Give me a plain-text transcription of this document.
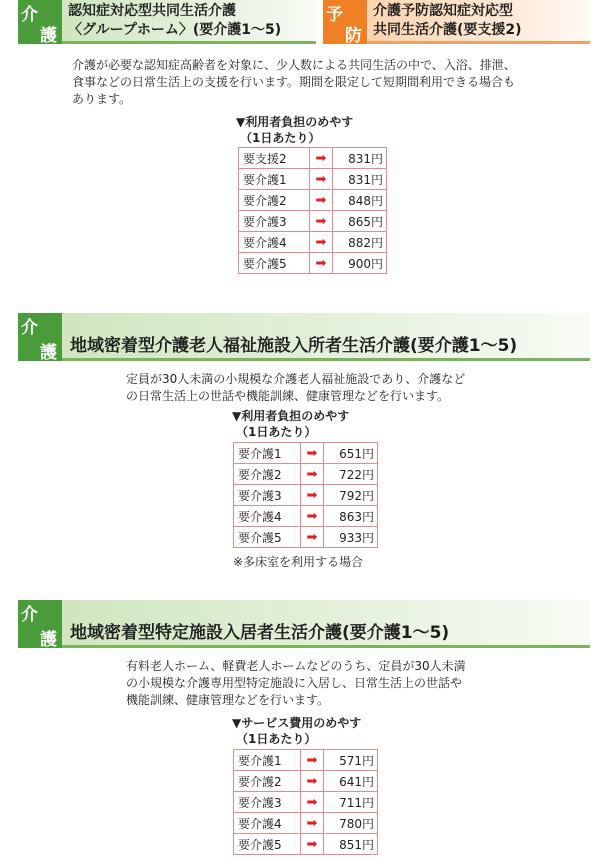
介
護
認知症対応型共同生活介護
〈グループホーム〉(要介護1～5)
予
防
介護予防認知症対応型
共同生活介護(要支援2)
介護が必要な認知症高齢者を対象に、少人数による共同生活の中で、入浴、排泄、
食事などの日常生活上の支援を行います。期間を限定して短期間利用できる場合も
あります。
▼利用者負担のめやす
（1日あたり）
要支援2	➡	831円
要介護1	➡	831円
要介護2	➡	848円
要介護3	➡	865円
要介護4	➡	882円
要介護5	➡	900円
介
護 地域密着型介護老人福祉施設入所者生活介護(要介護1～5)
定員が30人未満の小規模な介護老人福祉施設であり、介護など
の日常生活上の世話や機能訓練、健康管理などを行います。
▼利用者負担のめやす
（1日あたり）
要介護1	➡	651円
要介護2	➡	722円
要介護3	➡	792円
要介護4	➡	863円
要介護5	➡	933円
※多床室を利用する場合
介
護 地域密着型特定施設入居者生活介護(要介護1～5)
有料老人ホーム、軽費老人ホームなどのうち、定員が30人未満
の小規模な介護専用型特定施設に入居し、日常生活上の世話や
機能訓練、健康管理などを行います。
▼サービス費用のめやす
（1日あたり）
要介護1	➡	571円
要介護2	➡	641円
要介護3	➡	711円
要介護4	➡	780円
要介護5	➡	851円
